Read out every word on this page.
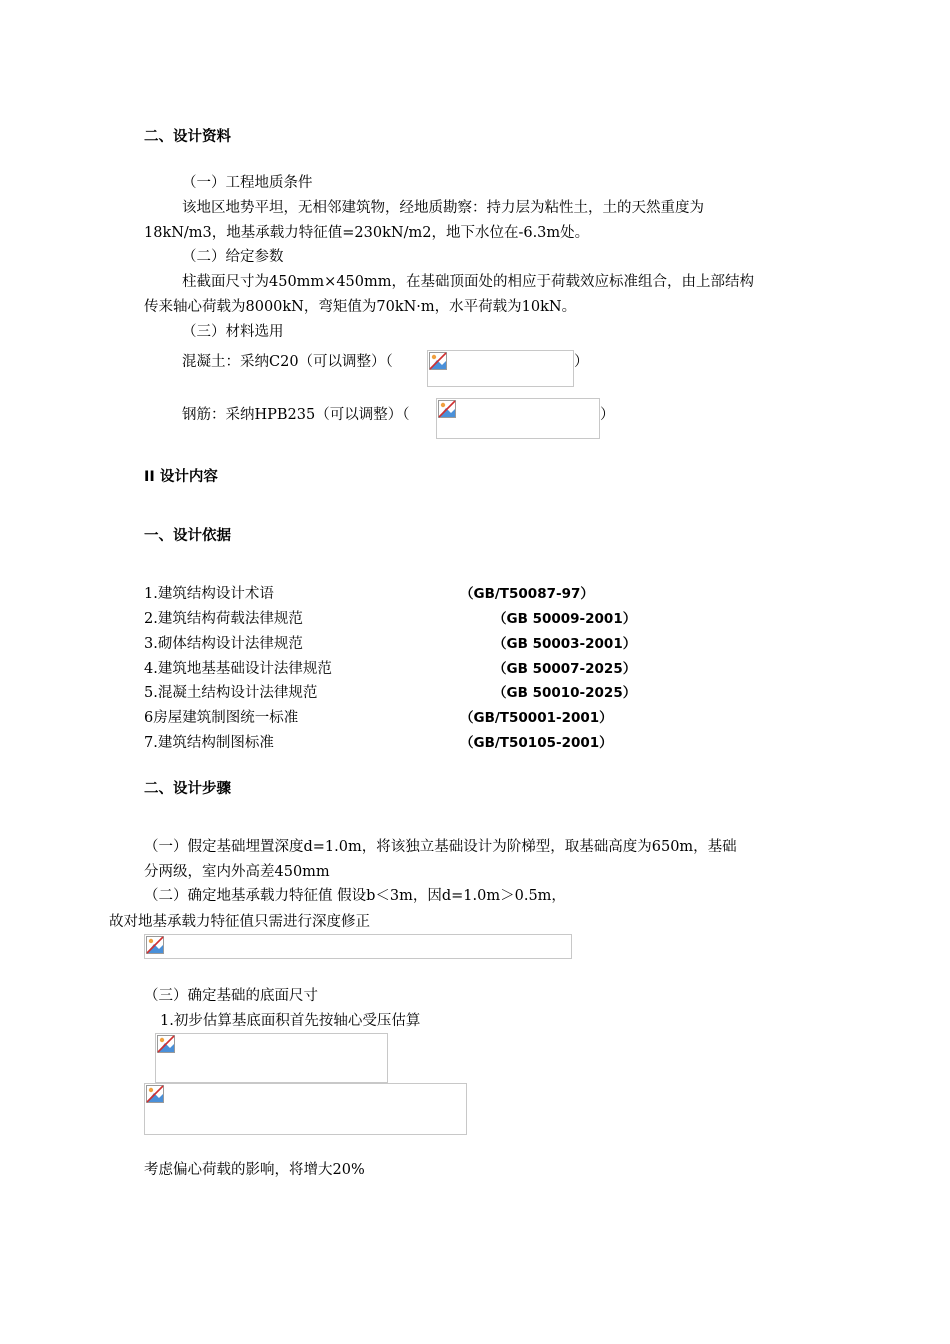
二、设计资料
（一）工程地质条件
该地区地势平坦，无相邻建筑物，经地质勘察：持力层为粘性土，土的天然重度为
18kN/m3，地基承载力特征值=230kN/m2，地下水位在-6.3m处。
（二）给定参数
柱截面尺寸为450mm×450mm，在基础顶面处的相应于荷载效应标准组合，由上部结构
传来轴心荷载为8000kN，弯矩值为70kN·m，水平荷载为10kN。
（三）材料选用
混凝土：采纳C20（可以调整）（	）
钢筋：采纳HPB235（可以调整）（	）
II 设计内容
一、设计依据
1.建筑结构设计术语	（GB/T50087-97）
2.建筑结构荷载法律规范	（GB 50009-2001）
3.砌体结构设计法律规范	（GB 50003-2001）
4.建筑地基基础设计法律规范	（GB 50007-2025）
5.混凝土结构设计法律规范	（GB 50010-2025）
6房屋建筑制图统一标准	（GB/T50001-2001）
7.建筑结构制图标准	（GB/T50105-2001）
二、设计步骤
（一）假定基础埋置深度d=1.0m，将该独立基础设计为阶梯型，取基础高度为650m，基础
分两级，室内外高差450mm
（二）确定地基承载力特征值 假设b＜3m，因d=1.0m＞0.5m，
故对地基承载力特征值只需进行深度修正
（三）确定基础的底面尺寸
1.初步估算基底面积首先按轴心受压估算
考虑偏心荷载的影响，将增大20%
